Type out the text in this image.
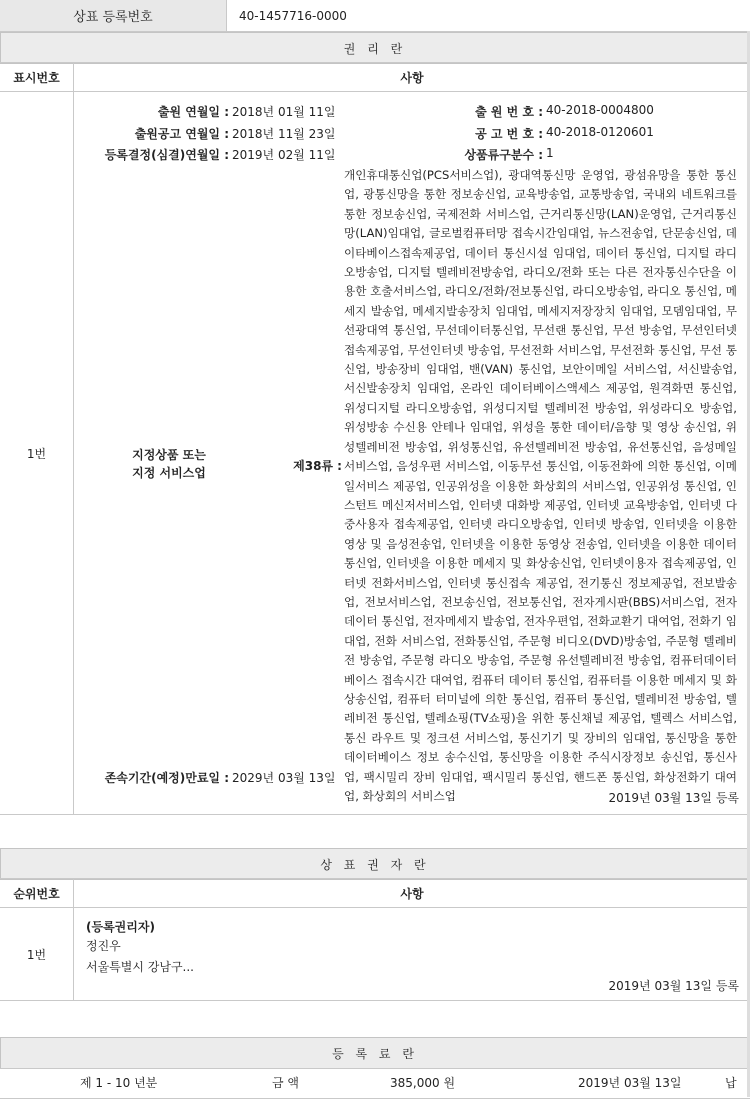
상표 등록번호	40-1457716-0000
권 리 란
표시번호	사항
1번
출원 연월일 : 2018년 01월 11일
출원공고 연월일 : 2018년 11월 23일
등록결정(심결)연월일 : 2019년 02월 11일
출 원 번 호 : 40-2018-0004800
공 고 번 호 : 40-2018-0120601
상품류구분수 : 1
지정상품 또는
지정 서비스업	제38류 :
개인휴대통신업(PCS서비스업), 광대역통신망 운영업, 광섬유망을 통한 통신업, 광통신망을 통한 정보송신업, 교육방송업, 교통방송업, 국내외 네트워크를 통한 정보송신업, 국제전화 서비스업, 근거리통신망(LAN)운영업, 근거리통신망(LAN)임대업, 글로벌컴퓨터망 접속시간임대업, 뉴스전송업, 단문송신업, 데이타베이스접속제공업, 데이터 통신시설 임대업, 데이터 통신업, 디지털 라디오방송업, 디지털 텔레비전방송업, 라디오/전화 또는 다른 전자통신수단을 이용한 호출서비스업, 라디오/전화/전보통신업, 라디오방송업, 라디오 통신업, 메세지 발송업, 메세지발송장치 임대업, 메세지저장장치 임대업, 모뎀임대업, 무선광대역 통신업, 무선데이터통신업, 무선랜 통신업, 무선 방송업, 무선인터넷 접속제공업, 무선인터넷 방송업, 무선전화 서비스업, 무선전화 통신업, 무선 통신업, 방송장비 임대업, 밴(VAN) 통신업, 보안이메일 서비스업, 서신발송업, 서신발송장치 임대업, 온라인 데이터베이스액세스 제공업, 원격화면 통신업, 위성디지털 라디오방송업, 위성디지털 텔레비전 방송업, 위성라디오 방송업, 위성방송 수신용 안테나 임대업, 위성을 통한 데이터/음향 및 영상 송신업, 위성텔레비전 방송업, 위성통신업, 유선텔레비전 방송업, 유선통신업, 음성메일 서비스업, 음성우편 서비스업, 이동무선 통신업, 이동전화에 의한 통신업, 이메일서비스 제공업, 인공위성을 이용한 화상회의 서비스업, 인공위성 통신업, 인스턴트 메신저서비스업, 인터넷 대화방 제공업, 인터넷 교육방송업, 인터넷 다중사용자 접속제공업, 인터넷 라디오방송업, 인터넷 방송업, 인터넷을 이용한 영상 및 음성전송업, 인터넷을 이용한 동영상 전송업, 인터넷을 이용한 데이터통신업, 인터넷을 이용한 메세지 및 화상송신업, 인터넷이용자 접속제공업, 인터넷 전화서비스업, 인터넷 통신접속 제공업, 전기통신 정보제공업, 전보발송업, 전보서비스업, 전보송신업, 전보통신업, 전자게시판(BBS)서비스업, 전자데이터 통신업, 전자메세지 발송업, 전자우편업, 전화교환기 대여업, 전화기 임대업, 전화 서비스업, 전화통신업, 주문형 비디오(DVD)방송업, 주문형 텔레비전 방송업, 주문형 라디오 방송업, 주문형 유선텔레비전 방송업, 컴퓨터데이터베이스 접속시간 대여업, 컴퓨터 데이터 통신업, 컴퓨터를 이용한 메세지 및 화상송신업, 컴퓨터 터미널에 의한 통신업, 컴퓨터 통신업, 텔레비전 방송업, 텔레비전 통신업, 텔레쇼핑(TV쇼핑)을 위한 통신채널 제공업, 텔렉스 서비스업, 통신 라우트 및 정크션 서비스업, 통신기기 및 장비의 임대업, 통신망을 통한 데이터베이스 정보 송수신업, 통신망을 이용한 주식시장정보 송신업, 통신사업, 팩시밀리 장비 임대업, 팩시밀리 통신업, 핸드폰 통신업, 화상전화기 대여업, 화상회의 서비스업
존속기간(예정)만료일 : 2029년 03월 13일
2019년 03월 13일 등록
상 표 권 자 란
순위번호	사항
1번
(등록권리자)
정진우
서울특별시 강남구...
2019년 03월 13일 등록
등 록 료 란
제 1 - 10 년분	금 액	385,000 원	2019년 03월 13일	납
